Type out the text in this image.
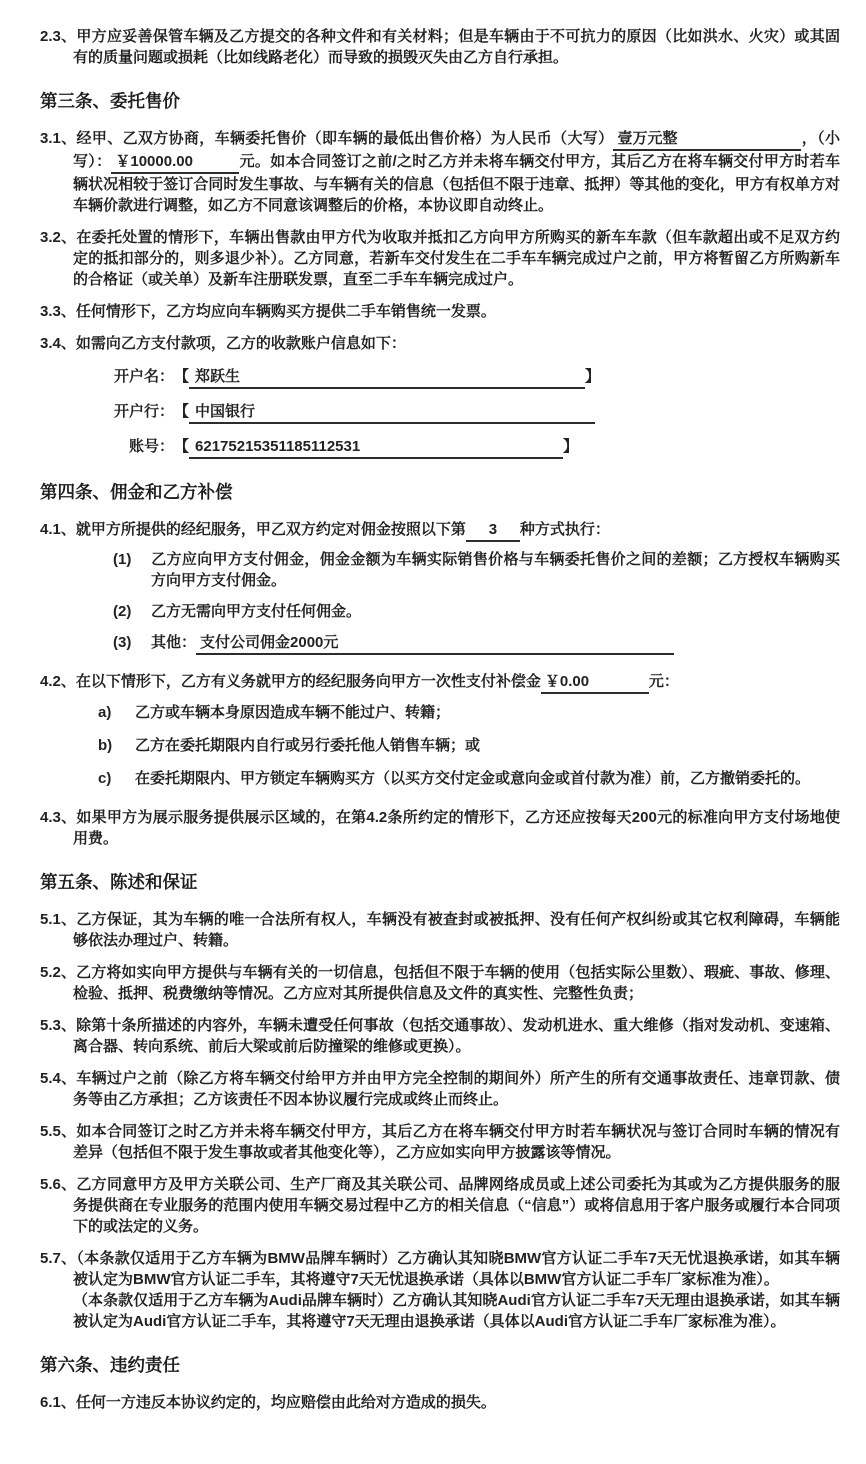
2.3、甲方应妥善保管车辆及乙方提交的各种文件和有关材料；但是车辆由于不可抗力的原因（比如洪水、火灾）或其固有的质量问题或损耗（比如线路老化）而导致的损毁灭失由乙方自行承担。
第三条、委托售价
3.1、经甲、乙双方协商，车辆委托售价（即车辆的最低出售价格）为人民币（大写） 壹万元整	，（小写）： ￥10000.00	元。如本合同签订之前/之时乙方并未将车辆交付甲方，其后乙方在将车辆交付甲方时若车辆状况相较于签订合同时发生事故、与车辆有关的信息（包括但不限于违章、抵押）等其他的变化，甲方有权单方对车辆价款进行调整，如乙方不同意该调整后的价格，本协议即自动终止。
3.2、在委托处置的情形下，车辆出售款由甲方代为收取并抵扣乙方向甲方所购买的新车车款（但车款超出或不足双方约定的抵扣部分的，则多退少补）。乙方同意，若新车交付发生在二手车车辆完成过户之前，甲方将暂留乙方所购新车的合格证（或关单）及新车注册联发票，直至二手车车辆完成过户。
3.3、任何情形下，乙方均应向车辆购买方提供二手车销售统一发票。
3.4、如需向乙方支付款项，乙方的收款账户信息如下：
开户名：【 郑跃生	】
开户行：【 中国银行
账号：【 62175215351185112531	】
第四条、佣金和乙方补偿
4.1、就甲方所提供的经纪服务，甲乙双方约定对佣金按照以下第 3 种方式执行：
(1) 乙方应向甲方支付佣金，佣金金额为车辆实际销售价格与车辆委托售价之间的差额；乙方授权车辆购买方向甲方支付佣金。
(2) 乙方无需向甲方支付任何佣金。
(3) 其他： 支付公司佣金2000元
4.2、在以下情形下，乙方有义务就甲方的经纪服务向甲方一次性支付补偿金 ￥0.00	元：
a) 乙方或车辆本身原因造成车辆不能过户、转籍；
b) 乙方在委托期限内自行或另行委托他人销售车辆；或
c) 在委托期限内、甲方锁定车辆购买方（以买方交付定金或意向金或首付款为准）前，乙方撤销委托的。
4.3、如果甲方为展示服务提供展示区域的，在第4.2条所约定的情形下，乙方还应按每天200元的标准向甲方支付场地使用费。
第五条、陈述和保证
5.1、乙方保证，其为车辆的唯一合法所有权人，车辆没有被查封或被抵押、没有任何产权纠纷或其它权利障碍，车辆能够依法办理过户、转籍。
5.2、乙方将如实向甲方提供与车辆有关的一切信息，包括但不限于车辆的使用（包括实际公里数）、瑕疵、事故、修理、检验、抵押、税费缴纳等情况。乙方应对其所提供信息及文件的真实性、完整性负责；
5.3、除第十条所描述的内容外，车辆未遭受任何事故（包括交通事故）、发动机进水、重大维修（指对发动机、变速箱、离合器、转向系统、前后大梁或前后防撞梁的维修或更换）。
5.4、车辆过户之前（除乙方将车辆交付给甲方并由甲方完全控制的期间外）所产生的所有交通事故责任、违章罚款、债务等由乙方承担；乙方该责任不因本协议履行完成或终止而终止。
5.5、如本合同签订之时乙方并未将车辆交付甲方，其后乙方在将车辆交付甲方时若车辆状况与签订合同时车辆的情况有差异（包括但不限于发生事故或者其他变化等），乙方应如实向甲方披露该等情况。
5.6、乙方同意甲方及甲方关联公司、生产厂商及其关联公司、品牌网络成员或上述公司委托为其或为乙方提供服务的服务提供商在专业服务的范围内使用车辆交易过程中乙方的相关信息（“信息”）或将信息用于客户服务或履行本合同项下的或法定的义务。
5.7、（本条款仅适用于乙方车辆为BMW品牌车辆时）乙方确认其知晓BMW官方认证二手车7天无忧退换承诺，如其车辆被认定为BMW官方认证二手车，其将遵守7天无忧退换承诺（具体以BMW官方认证二手车厂家标准为准）。
（本条款仅适用于乙方车辆为Audi品牌车辆时）乙方确认其知晓Audi官方认证二手车7天无理由退换承诺，如其车辆被认定为Audi官方认证二手车，其将遵守7天无理由退换承诺（具体以Audi官方认证二手车厂家标准为准）。
第六条、违约责任
6.1、任何一方违反本协议约定的，均应赔偿由此给对方造成的损失。
